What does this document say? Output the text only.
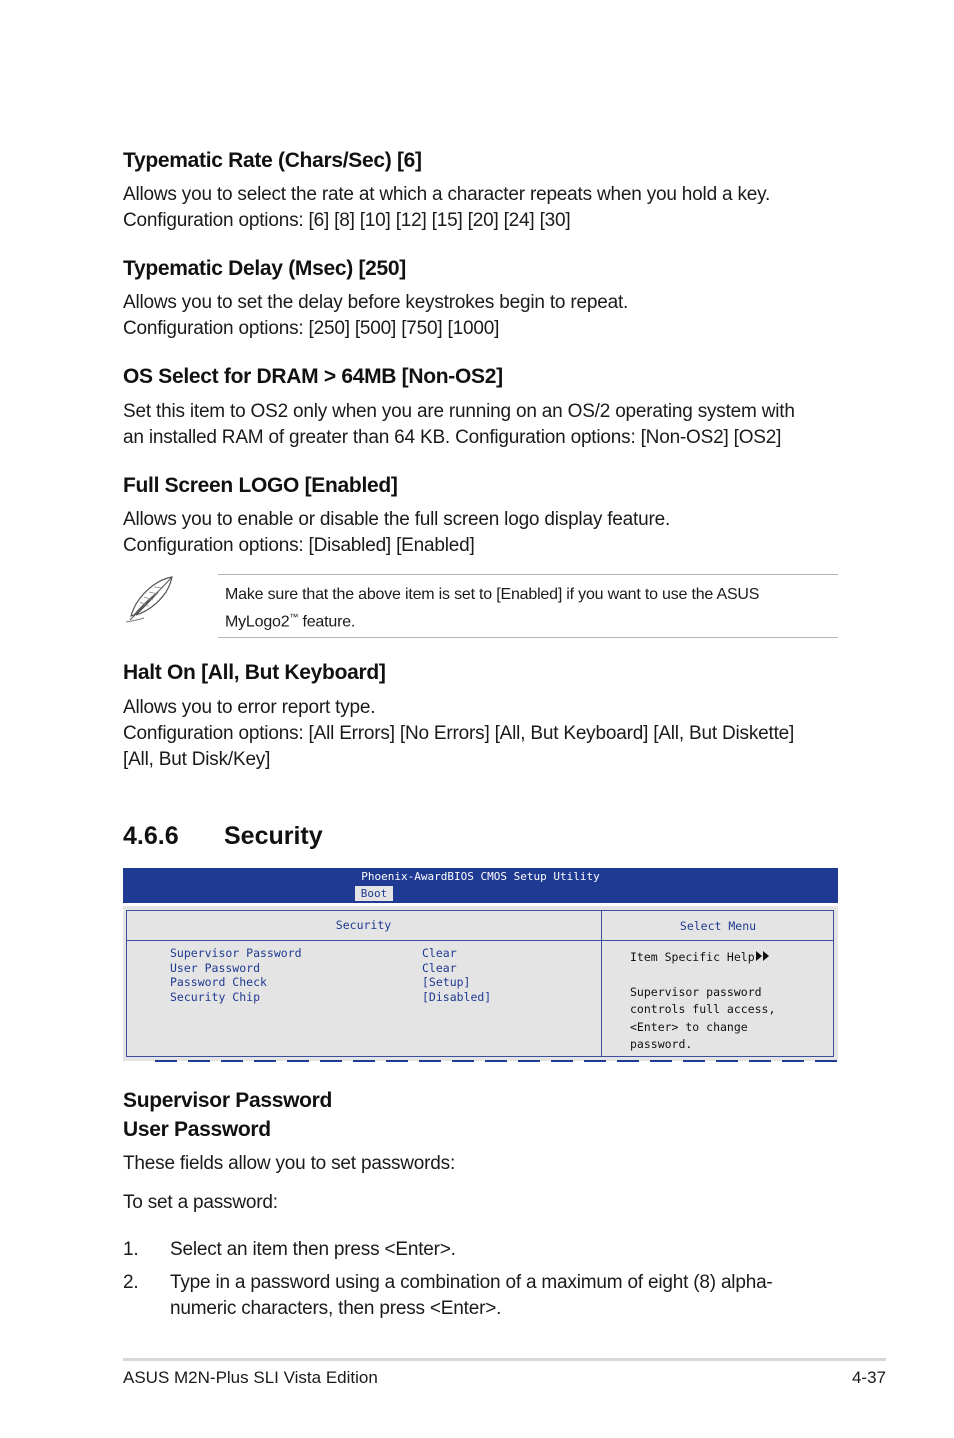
Typematic Rate (Chars/Sec) [6]
Allows you to select the rate at which a character repeats when you hold a key.
Configuration options: [6] [8] [10] [12] [15] [20] [24] [30]
Typematic Delay (Msec) [250]
Allows you to set the delay before keystrokes begin to repeat.
Configuration options: [250] [500] [750] [1000]
OS Select for DRAM > 64MB [Non-OS2]
Set this item to OS2 only when you are running on an OS/2 operating system with
an installed RAM of greater than 64 KB. Configuration options: [Non-OS2] [OS2]
Full Screen LOGO [Enabled]
Allows you to enable or disable the full screen logo display feature.
Configuration options: [Disabled] [Enabled]
Make sure that the above item is set to [Enabled] if you want to use the ASUS
MyLogo2™ feature.
Halt On [All, But Keyboard]
Allows you to error report type.
Configuration options: [All Errors] [No Errors] [All, But Keyboard] [All, But Diskette]
[All, But Disk/Key]
4.6.6 Security
Phoenix-AwardBIOS CMOS Setup Utility
Boot
Security	Select Menu
Supervisor Password
User Password
Password Check
Security Chip
Clear
Clear
[Setup]
[Disabled]
Item Specific Help
Supervisor password
controls full access,
<Enter> to change
password.
Supervisor Password
User Password
These fields allow you to set passwords:
To set a password:
1. Select an item then press <Enter>.
2. Type in a password using a combination of a maximum of eight (8) alpha-
numeric characters, then press <Enter>.
ASUS M2N-Plus SLI Vista Edition	4-37
